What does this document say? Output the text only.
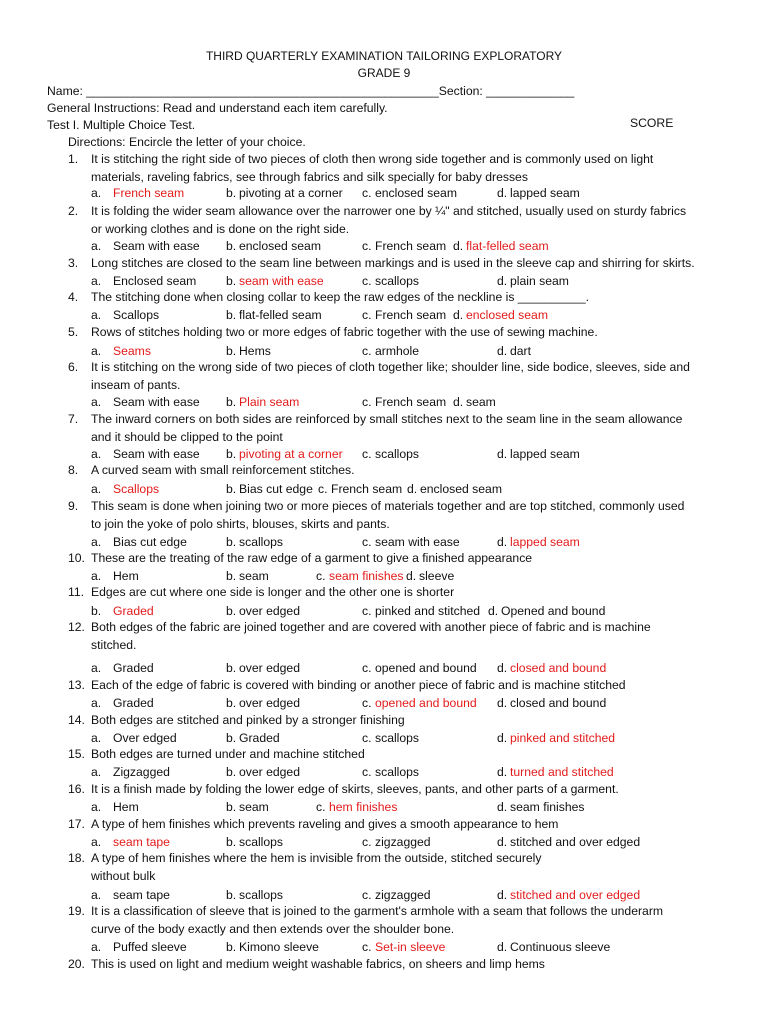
THIRD QUARTERLY EXAMINATION TAILORING EXPLORATORY
GRADE 9
Name: ____________________________________________________Section: _____________
General Instructions: Read and understand each item carefully.
Test I. Multiple Choice Test.	SCORE
Directions: Encircle the letter of your choice.
1. It is stitching the right side of two pieces of cloth then wrong side together and is commonly used on light
materials, raveling fabrics, see through fabrics and silk specially for baby dresses
a. French seam	b. pivoting at a corner c. enclosed seam	d. lapped seam
2. It is folding the wider seam allowance over the narrower one by ¼" and stitched, usually used on sturdy fabrics
or working clothes and is done on the right side.
a. Seam with ease b. enclosed seam	c. French seam d. flat-felled seam
3. Long stitches are closed to the seam line between markings and is used in the sleeve cap and shirring for skirts.
a. Enclosed seam b. seam with ease	c. scallops	d. plain seam
4. The stitching done when closing collar to keep the raw edges of the neckline is __________.
a. Scallops	b. flat-felled seam	c. French seam d. enclosed seam
5. Rows of stitches holding two or more edges of fabric together with the use of sewing machine.
a. Seams	b. Hems	c. armhole	d. dart
6. It is stitching on the wrong side of two pieces of cloth together like; shoulder line, side bodice, sleeves, side and
inseam of pants.
a. Seam with ease b. Plain seam	c. French seam d. seam
7. The inward corners on both sides are reinforced by small stitches next to the seam line in the seam allowance
and it should be clipped to the point
a. Seam with ease b. pivoting at a corner c. scallops	d. lapped seam
8. A curved seam with small reinforcement stitches.
a. Scallops	b. Bias cut edge c. French seam d. enclosed seam
9. This seam is done when joining two or more pieces of materials together and are top stitched, commonly used
to join the yoke of polo shirts, blouses, skirts and pants.
a. Bias cut edge	b. scallops	c. seam with ease	d. lapped seam
10. These are the treating of the raw edge of a garment to give a finished appearance
a. Hem	b. seam	c. seam finishes d. sleeve
11. Edges are cut where one side is longer and the other one is shorter
b. Graded	b. over edged	c. pinked and stitched d. Opened and bound
12. Both edges of the fabric are joined together and are covered with another piece of fabric and is machine
stitched.
a. Graded	b. over edged	c. opened and bound d. closed and bound
13. Each of the edge of fabric is covered with binding or another piece of fabric and is machine stitched
a. Graded	b. over edged	c. opened and bound d. closed and bound
14. Both edges are stitched and pinked by a stronger finishing
a. Over edged	b. Graded	c. scallops	d. pinked and stitched
15. Both edges are turned under and machine stitched
a. Zigzagged	b. over edged	c. scallops	d. turned and stitched
16. It is a finish made by folding the lower edge of skirts, sleeves, pants, and other parts of a garment.
a. Hem	b. seam	c. hem finishes	d. seam finishes
17. A type of hem finishes which prevents raveling and gives a smooth appearance to hem
a. seam tape	b. scallops	c. zigzagged	d. stitched and over edged
18. A type of hem finishes where the hem is invisible from the outside, stitched securely
without bulk
a. seam tape	b. scallops	c. zigzagged	d. stitched and over edged
19. It is a classification of sleeve that is joined to the garment's armhole with a seam that follows the underarm
curve of the body exactly and then extends over the shoulder bone.
a. Puffed sleeve	b. Kimono sleeve	c. Set-in sleeve	d. Continuous sleeve
20. This is used on light and medium weight washable fabrics, on sheers and limp hems
